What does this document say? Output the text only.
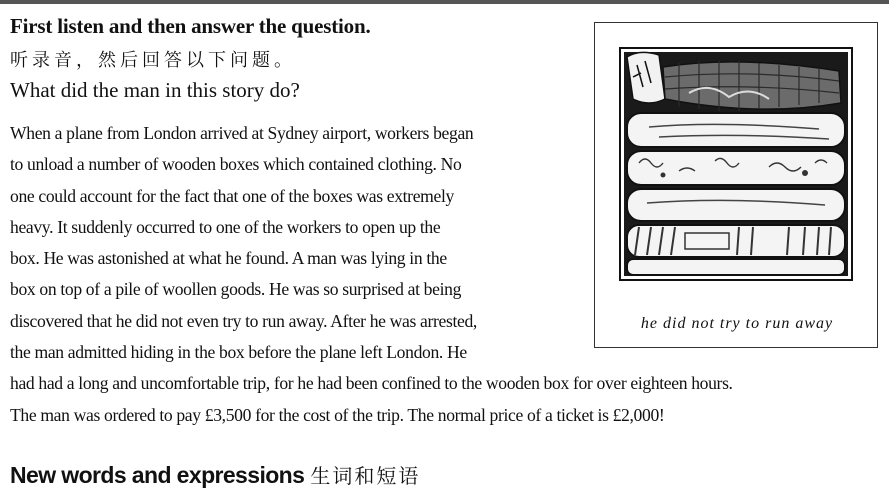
First listen and then answer the question.
听录音，然后回答以下问题。
What did the man in this story do?
When a plane from London arrived at Sydney airport, workers began
to unload a number of wooden boxes which contained clothing. No
one could account for the fact that one of the boxes was extremely
heavy. It suddenly occurred to one of the workers to open up the
box. He was astonished at what he found. A man was lying in the
box on top of a pile of woollen goods. He was so surprised at being
discovered that he did not even try to run away. After he was arrested,
the man admitted hiding in the box before the plane left London. He
had had a long and uncomfortable trip, for he had been confined to the wooden box for over eighteen hours.
The man was ordered to pay £3,500 for the cost of the trip. The normal price of a ticket is £2,000!
he did not try to run away
New words and expressions 生词和短语
